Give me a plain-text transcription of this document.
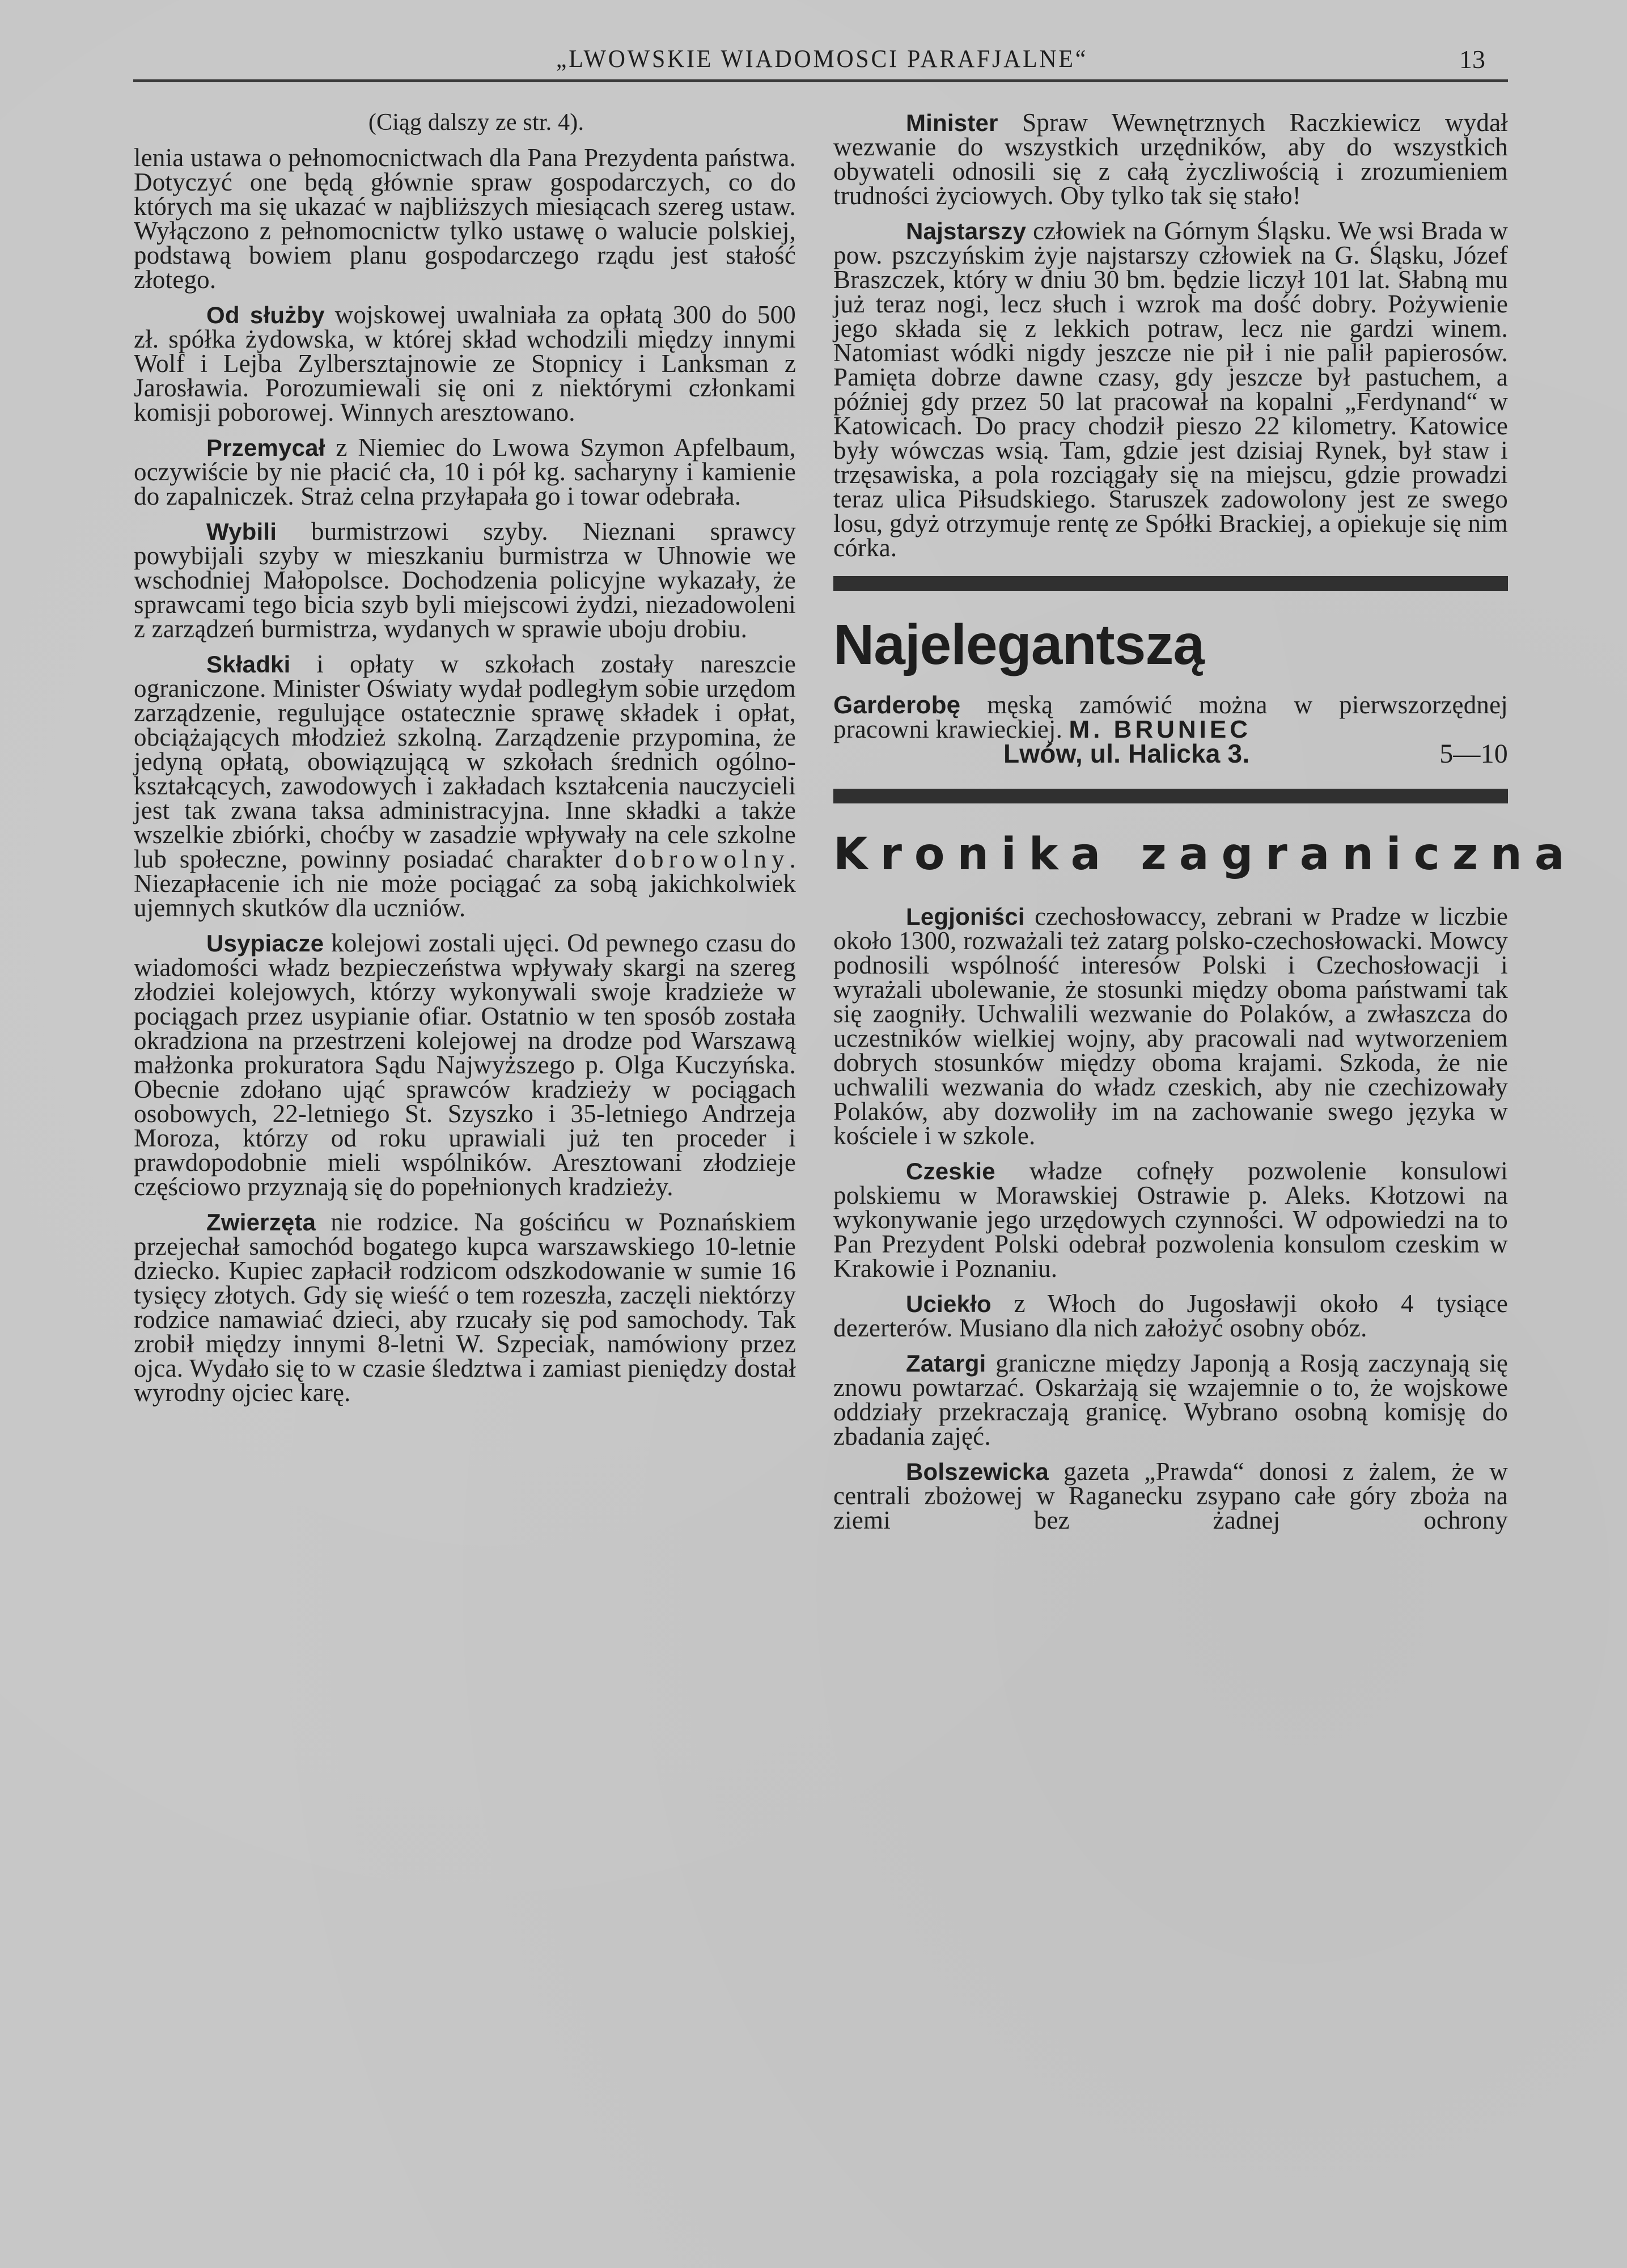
„LWOWSKIE WIADOMOSCI PARAFJALNE“	13

(Ciąg dalszy ze str. 4).

lenia ustawa o pełnomocnictwach dla Pana Prezydenta państwa. Dotyczyć one będą głównie spraw gospodarczych, co do których ma się ukazać w najbliższych miesiącach szereg ustaw. Wyłączono z pełnomocnictw tylko ustawę o walucie polskiej, podstawą bowiem planu gospodarczego rządu jest stałość złotego.

Od służby wojskowej uwalniała za opłatą 300 do 500 zł. spółka żydowska, w której skład wchodzili między innymi Wolf i Lejba Zylbersztajnowie ze Stopnicy i Lanksman z Jarosławia. Porozumiewali się oni z niektórymi członkami komisji poborowej. Winnych aresztowano.

Przemycał z Niemiec do Lwowa Szymon Apfelbaum, oczywiście by nie płacić cła, 10 i pół kg. sacharyny i kamienie do zapalniczek. Straż celna przyłapała go i towar odebrała.

Wybili burmistrzowi szyby. Nieznani sprawcy powybijali szyby w mieszkaniu burmistrza w Uhnowie we wschodniej Małopolsce. Dochodzenia policyjne wykazały, że sprawcami tego bicia szyb byli miejscowi żydzi, niezadowoleni z zarządzeń burmistrza, wydanych w sprawie uboju drobiu.

Składki i opłaty w szkołach zostały nareszcie ograniczone. Minister Oświaty wydał podległym sobie urzędom zarządzenie, regulujące ostatecznie sprawę składek i opłat, obciążających młodzież szkolną. Zarządzenie przypomina, że jedyną opłatą, obowiązującą w szkołach średnich ogólno-kształcących, zawodowych i zakładach kształcenia nauczycieli jest tak zwana taksa administracyjna. Inne składki a także wszelkie zbiórki, choćby w zasadzie wpływały na cele szkolne lub społeczne, powinny posiadać charakter dobrowolny. Niezapłacenie ich nie może pociągać za sobą jakichkolwiek ujemnych skutków dla uczniów.

Usypiacze kolejowi zostali ujęci. Od pewnego czasu do wiadomości władz bezpieczeństwa wpływały skargi na szereg złodziei kolejowych, którzy wykonywali swoje kradzieże w pociągach przez usypianie ofiar. Ostatnio w ten sposób została okradziona na przestrzeni kolejowej na drodze pod Warszawą małżonka prokuratora Sądu Najwyższego p. Olga Kuczyńska. Obecnie zdołano ująć sprawców kradzieży w pociągach osobowych, 22-letniego St. Szyszko i 35-letniego Andrzeja Moroza, którzy od roku uprawiali już ten proceder i prawdopodobnie mieli wspólników. Aresztowani złodzieje częściowo przyznają się do popełnionych kradzieży.

Zwierzęta nie rodzice. Na gościńcu w Poznańskiem przejechał samochód bogatego kupca warszawskiego 10-letnie dziecko. Kupiec zapłacił rodzicom odszkodowanie w sumie 16 tysięcy złotych. Gdy się wieść o tem rozeszła, zaczęli niektórzy rodzice namawiać dzieci, aby rzucały się pod samochody. Tak zrobił między innymi 8-letni W. Szpeciak, namówiony przez ojca. Wydało się to w czasie śledztwa i zamiast pieniędzy dostał wyrodny ojciec karę.

Minister Spraw Wewnętrznych Raczkiewicz wydał wezwanie do wszystkich urzędników, aby do wszystkich obywateli odnosili się z całą życzliwością i zrozumieniem trudności życiowych. Oby tylko tak się stało!

Najstarszy człowiek na Górnym Śląsku. We wsi Brada w pow. pszczyńskim żyje najstarszy człowiek na G. Śląsku, Józef Braszczek, który w dniu 30 bm. będzie liczył 101 lat. Słabną mu już teraz nogi, lecz słuch i wzrok ma dość dobry. Pożywienie jego składa się z lekkich potraw, lecz nie gardzi winem. Natomiast wódki nigdy jeszcze nie pił i nie palił papierosów. Pamięta dobrze dawne czasy, gdy jeszcze był pastuchem, a później gdy przez 50 lat pracował na kopalni „Ferdynand“ w Katowicach. Do pracy chodził pieszo 22 kilometry. Katowice były wówczas wsią. Tam, gdzie jest dzisiaj Rynek, był staw i trzęsawiska, a pola rozciągały się na miejscu, gdzie prowadzi teraz ulica Piłsudskiego. Staruszek zadowolony jest ze swego losu, gdyż otrzymuje rentę ze Spółki Brackiej, a opiekuje się nim córka.

Najelegantszą
Garderobę męską zamówić można w pierwszorzędnej pracowni krawieckiej. M. BRUNIEC
Lwów, ul. Halicka 3.	5—10
Kronika zagraniczna

Legjoniści czechosłowaccy, zebrani w Pradze w liczbie około 1300, rozważali też zatarg polsko-czechosłowacki. Mowcy podnosili wspólność interesów Polski i Czechosłowacji i wyrażali ubolewanie, że stosunki między oboma państwami tak się zaogniły. Uchwalili wezwanie do Polaków, a zwłaszcza do uczestników wielkiej wojny, aby pracowali nad wytworzeniem dobrych stosunków między oboma krajami. Szkoda, że nie uchwalili wezwania do władz czeskich, aby nie czechizowały Polaków, aby dozwoliły im na zachowanie swego języka w kościele i w szkole.

Czeskie władze cofnęły pozwolenie konsulowi polskiemu w Morawskiej Ostrawie p. Aleks. Kłotzowi na wykonywanie jego urzędowych czynności. W odpowiedzi na to Pan Prezydent Polski odebrał pozwolenia konsulom czeskim w Krakowie i Poznaniu.

Uciekło z Włoch do Jugosławji około 4 tysiące dezerterów. Musiano dla nich założyć osobny obóz.

Zatargi graniczne między Japonją a Rosją zaczynają się znowu powtarzać. Oskarżają się wzajemnie o to, że wojskowe oddziały przekraczają granicę. Wybrano osobną komisję do zbadania zajęć.

Bolszewicka gazeta „Prawda“ donosi z żalem, że w centrali zbożowej w Raganecku zsypano całe góry zboża na ziemi bez żadnej ochrony
